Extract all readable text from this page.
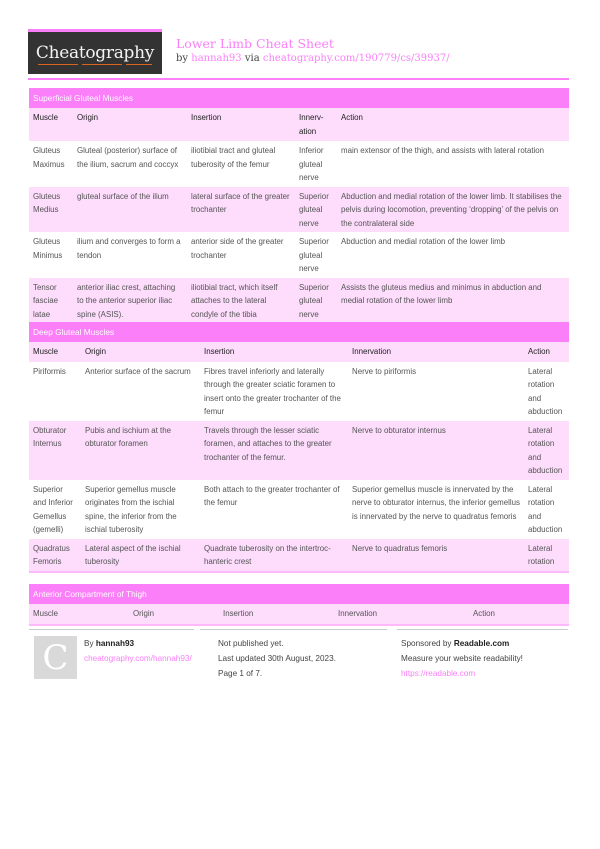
Cheatography Lower Limb Cheat Sheet
by hannah93 via cheatography.com/190779/cs/39937/
Superficial Gluteal Muscles
Muscle	Origin	Insertion	Innerv-ation	Action
Gluteus Maximus	Gluteal (posterior) surface of the ilium, sacrum and coccyx	iliotibial tract and gluteal tuberosity of the femur	Inferior gluteal nerve	main extensor of the thigh, and assists with lateral rotation
Gluteus Medius	gluteal surface of the ilium	lateral surface of the greater trochanter	Superior gluteal nerve	Abduction and medial rotation of the lower limb. It stabilises the pelvis during locomotion, preventing ‘dropping’ of the pelvis on the contralateral side
Gluteus Minimus	ilium and converges to form a tendon	anterior side of the greater trochanter	Superior gluteal nerve	Abduction and medial rotation of the lower limb
Tensor fasciae latae	anterior iliac crest, attaching to the anterior superior iliac spine (ASIS).	iliotibial tract, which itself attaches to the lateral condyle of the tibia	Superior gluteal nerve	Assists the gluteus medius and minimus in abduction and medial rotation of the lower limb
Deep Gluteal Muscles
Muscle	Origin	Insertion	Innervation	Action
Piriformis	Anterior surface of the sacrum	Fibres travel inferiorly and laterally through the greater sciatic foramen to insert onto the greater trochanter of the femur	Nerve to piriformis	Lateral rotation and abduction
Obturator Internus	Pubis and ischium at the obturator foramen	Travels through the lesser sciatic foramen, and attaches to the greater trochanter of the femur.	Nerve to obturator internus	Lateral rotation and abduction
Superior and Inferior Gemellus (gemelli)	Superior gemellus muscle originates from the ischial spine, the inferior from the ischial tuberosity	Both attach to the greater trochanter of the femur	Superior gemellus muscle is innervated by the nerve to obturator internus, the inferior gemellus is innervated by the nerve to quadratus femoris	Lateral rotation and abduction
Quadratus Femoris	Lateral aspect of the ischial tuberosity	Quadrate tuberosity on the intertroc-hanteric crest	Nerve to quadratus femoris	Lateral rotation
Anterior Compartment of Thigh
Muscle	Origin	Insertion	Innervation	Action
C By hannah93
cheatography.com/hannah93/
Not published yet.
Last updated 30th August, 2023.
Page 1 of 7.
Sponsored by Readable.com
Measure your website readability!
https://readable.com
